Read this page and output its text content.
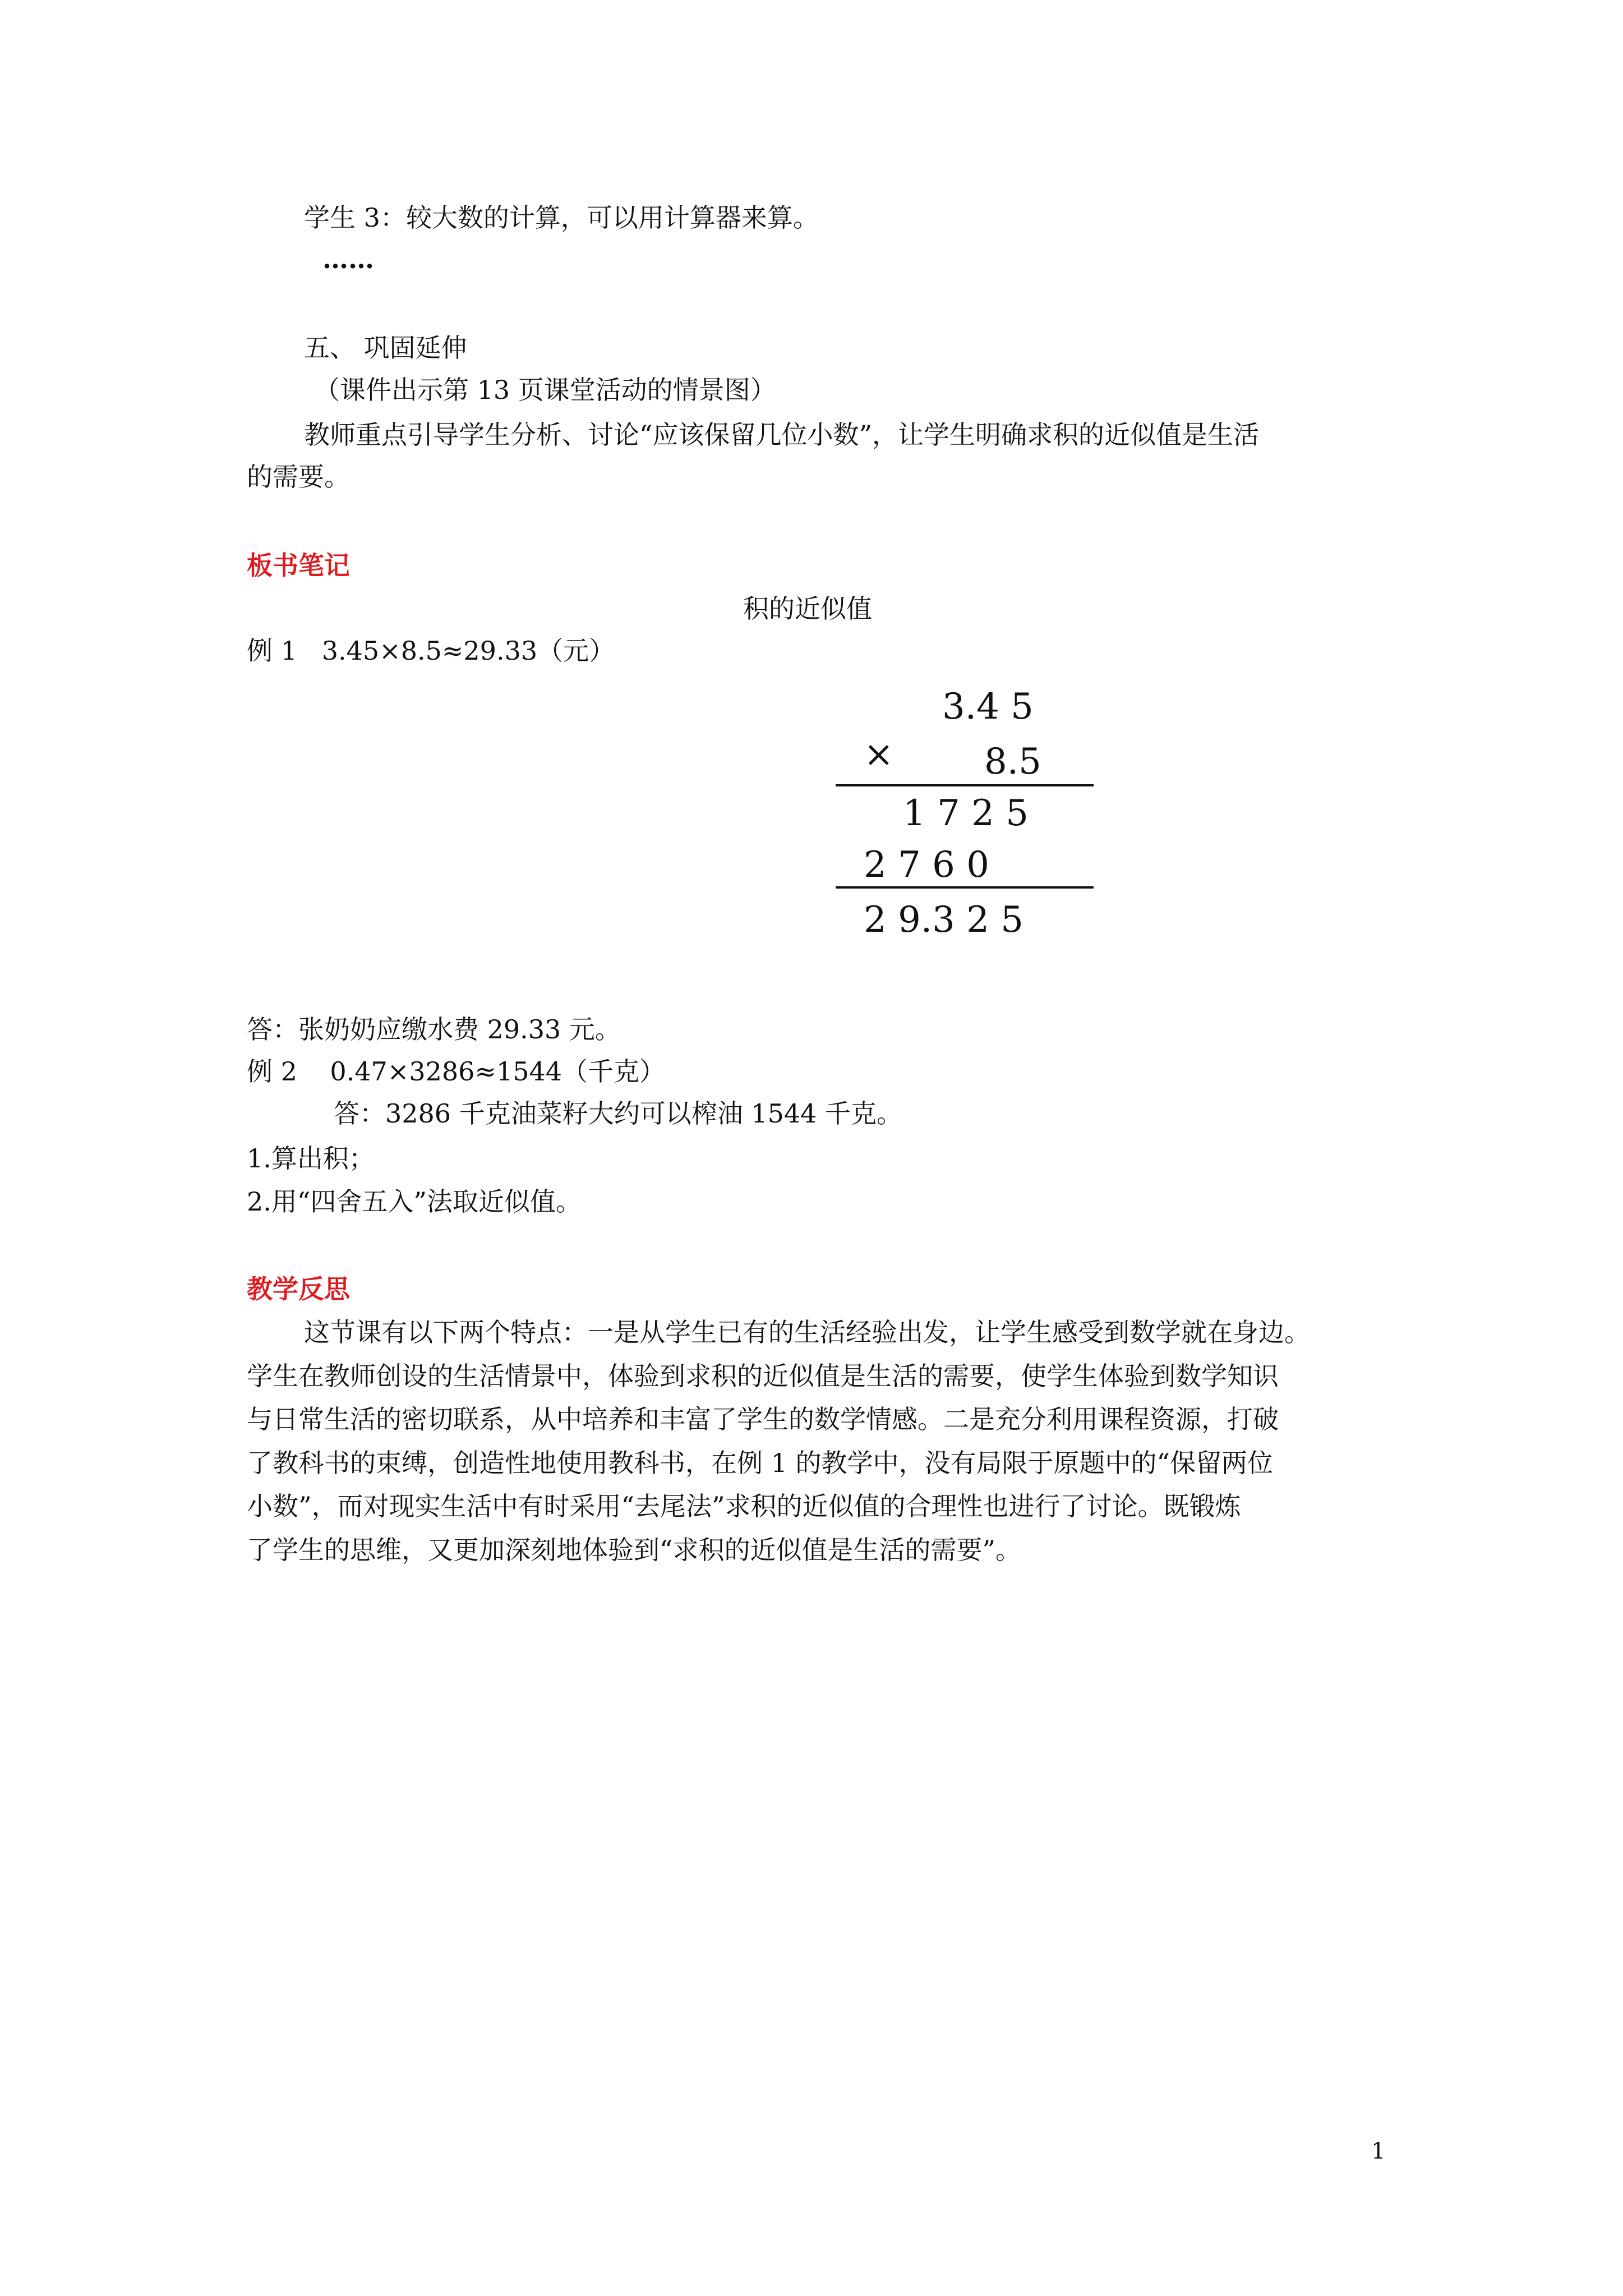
学生 3：较大数的计算，可以用计算器来算。

……

五、 巩固延伸

（课件出示第 13 页课堂活动的情景图）

教师重点引导学生分析、讨论“应该保留几位小数”，让学生明确求积的近似值是生活

的需要。

板书笔记

积的近似值

例 1   3.45×8.5≈29.33（元）

3.4 5

×	8.5

1 7 2 5

2 7 6 0

2 9.3 2 5

答：张奶奶应缴水费 29.33 元。

例 2    0.47×3286≈1544（千克）

答：3286 千克油菜籽大约可以榨油 1544 千克。

1.算出积；

2.用“四舍五入”法取近似值。

教学反思

这节课有以下两个特点：一是从学生已有的生活经验出发，让学生感受到数学就在身边。

学生在教师创设的生活情景中，体验到求积的近似值是生活的需要，使学生体验到数学知识

与日常生活的密切联系，从中培养和丰富了学生的数学情感。二是充分利用课程资源，打破

了教科书的束缚，创造性地使用教科书，在例 1 的教学中，没有局限于原题中的“保留两位

小数”，而对现实生活中有时采用“去尾法”求积的近似值的合理性也进行了讨论。既锻炼

了学生的思维，又更加深刻地体验到“求积的近似值是生活的需要”。

1
